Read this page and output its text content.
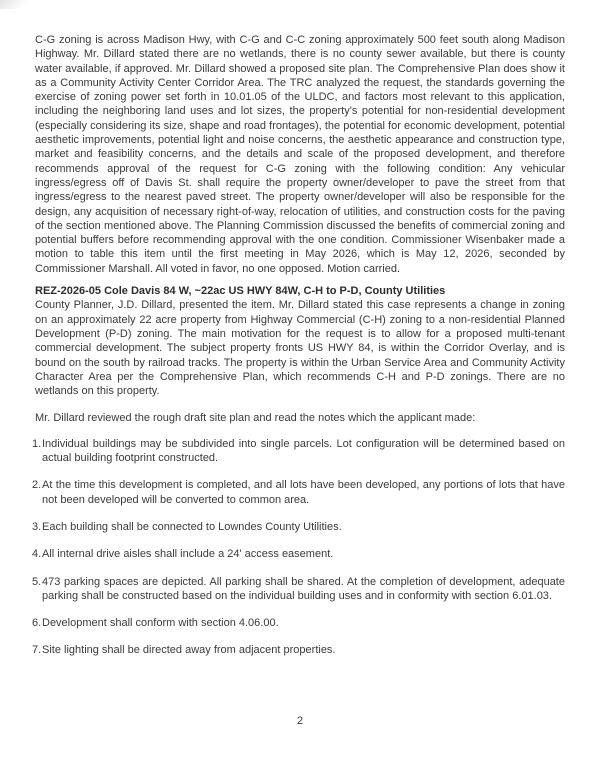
C-G zoning is across Madison Hwy, with C-G and C-C zoning approximately 500 feet south along Madison Highway. Mr. Dillard stated there are no wetlands, there is no county sewer available, but there is county water available, if approved. Mr. Dillard showed a proposed site plan. The Comprehensive Plan does show it as a Community Activity Center Corridor Area. The TRC analyzed the request, the standards governing the exercise of zoning power set forth in 10.01.05 of the ULDC, and factors most relevant to this application, including the neighboring land uses and lot sizes, the property's potential for non-residential development (especially considering its size, shape and road frontages), the potential for economic development, potential aesthetic improvements, potential light and noise concerns, the aesthetic appearance and construction type, market and feasibility concerns, and the details and scale of the proposed development, and therefore recommends approval of the request for C-G zoning with the following condition: Any vehicular ingress/egress off of Davis St. shall require the property owner/developer to pave the street from that ingress/egress to the nearest paved street. The property owner/developer will also be responsible for the design, any acquisition of necessary right-of-way, relocation of utilities, and construction costs for the paving of the section mentioned above. The Planning Commission discussed the benefits of commercial zoning and potential buffers before recommending approval with the one condition. Commissioner Wisenbaker made a motion to table this item until the first meeting in May 2026, which is May 12, 2026, seconded by Commissioner Marshall. All voted in favor, no one opposed. Motion carried.

REZ-2026-05 Cole Davis 84 W, ~22ac US HWY 84W, C-H to P-D, County Utilities

County Planner, J.D. Dillard, presented the item. Mr. Dillard stated this case represents a change in zoning on an approximately 22 acre property from Highway Commercial (C-H) zoning to a non-residential Planned Development (P-D) zoning. The main motivation for the request is to allow for a proposed multi-tenant commercial development. The subject property fronts US HWY 84, is within the Corridor Overlay, and is bound on the south by railroad tracks. The property is within the Urban Service Area and Community Activity Character Area per the Comprehensive Plan, which recommends C-H and P-D zonings. There are no wetlands on this property.

Mr. Dillard reviewed the rough draft site plan and read the notes which the applicant made:

1. Individual buildings may be subdivided into single parcels. Lot configuration will be determined based on actual building footprint constructed.
2. At the time this development is completed, and all lots have been developed, any portions of lots that have not been developed will be converted to common area.
3. Each building shall be connected to Lowndes County Utilities.
4. All internal drive aisles shall include a 24' access easement.
5. 473 parking spaces are depicted. All parking shall be shared. At the completion of development, adequate parking shall be constructed based on the individual building uses and in conformity with section 6.01.03.
6. Development shall conform with section 4.06.00.
7. Site lighting shall be directed away from adjacent properties.
2
